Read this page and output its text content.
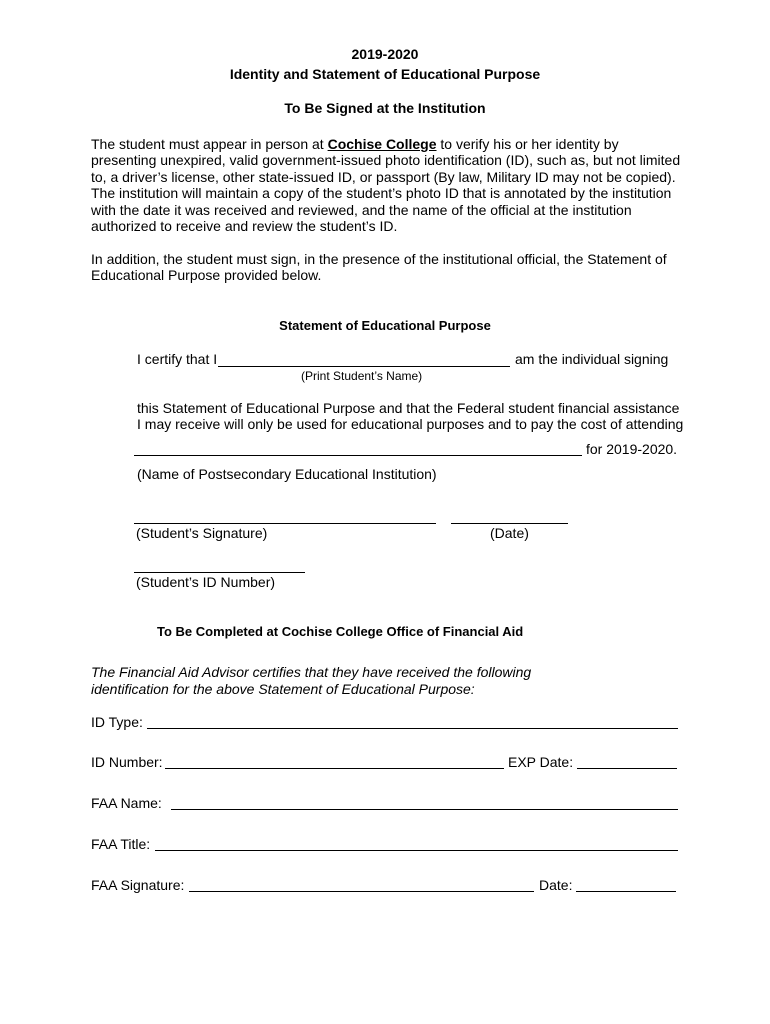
2019-2020
Identity and Statement of Educational Purpose
To Be Signed at the Institution
The student must appear in person at Cochise College to verify his or her identity by presenting unexpired, valid government-issued photo identification (ID), such as, but not limited to, a driver’s license, other state-issued ID, or passport (By law, Military ID may not be copied). The institution will maintain a copy of the student’s photo ID that is annotated by the institution with the date it was received and reviewed, and the name of the official at the institution authorized to receive and review the student’s ID.
In addition, the student must sign, in the presence of the institutional official, the Statement of Educational Purpose provided below.
Statement of Educational Purpose
I certify that I	am the individual signing
(Print Student’s Name)
this Statement of Educational Purpose and that the Federal student financial assistance
I may receive will only be used for educational purposes and to pay the cost of attending
for 2019-2020.
(Name of Postsecondary Educational Institution)
(Student’s Signature)	(Date)
(Student’s ID Number)
To Be Completed at Cochise College Office of Financial Aid
The Financial Aid Advisor certifies that they have received the following
identification for the above Statement of Educational Purpose:
ID Type:
ID Number:	EXP Date:
FAA Name:
FAA Title:
FAA Signature:	Date:
